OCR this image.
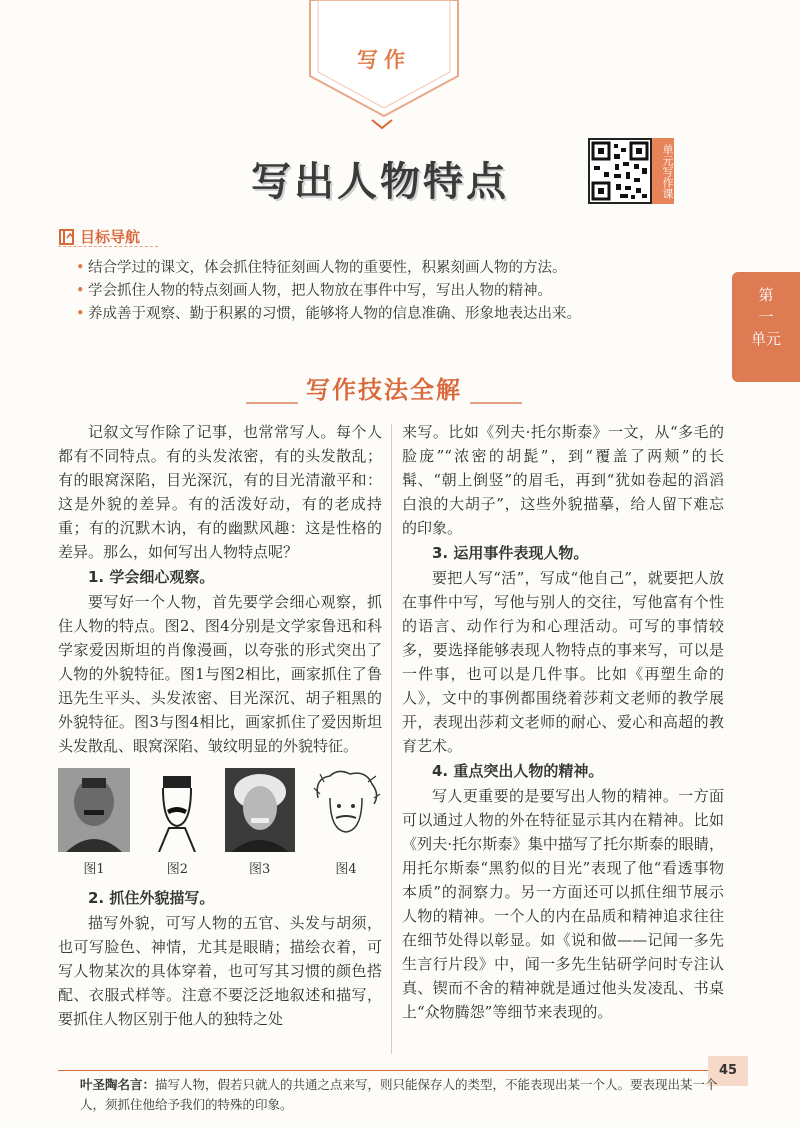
写作
写出人物特点	单元写作课
目标导航
• 结合学过的课文，体会抓住特征刻画人物的重要性，积累刻画人物的方法。
• 学会抓住人物的特点刻画人物，把人物放在事件中写，写出人物的精神。
• 养成善于观察、勤于积累的习惯，能够将人物的信息准确、形象地表达出来。
第
一
单元
写作技法全解

记叙文写作除了记事，也常常写人。每个人都有不同特点。有的头发浓密，有的头发散乱；有的眼窝深陷，目光深沉，有的目光清澈平和：这是外貌的差异。有的活泼好动，有的老成持重；有的沉默木讷，有的幽默风趣：这是性格的差异。那么，如何写出人物特点呢？

1. 学会细心观察。

要写好一个人物，首先要学会细心观察，抓住人物的特点。图2、图4分别是文学家鲁迅和科学家爱因斯坦的肖像漫画，以夸张的形式突出了人物的外貌特征。图1与图2相比，画家抓住了鲁迅先生平头、头发浓密、目光深沉、胡子粗黑的外貌特征。图3与图4相比，画家抓住了爱因斯坦头发散乱、眼窝深陷、皱纹明显的外貌特征。

图1	图2	图3	图4
2. 抓住外貌描写。

描写外貌，可写人物的五官、头发与胡须，也可写脸色、神情，尤其是眼睛；描绘衣着，可写人物某次的具体穿着，也可写其习惯的颜色搭配、衣服式样等。注意不要泛泛地叙述和描写，要抓住人物区别于他人的独特之处

来写。比如《列夫·托尔斯泰》一文，从“多毛的脸庞”“浓密的胡髭”，到“覆盖了两颊”的长髯、“朝上倒竖”的眉毛，再到“犹如卷起的滔滔白浪的大胡子”，这些外貌描摹，给人留下难忘的印象。

3. 运用事件表现人物。

要把人写“活”，写成“他自己”，就要把人放在事件中写，写他与别人的交往，写他富有个性的语言、动作行为和心理活动。可写的事情较多，要选择能够表现人物特点的事来写，可以是一件事，也可以是几件事。比如《再塑生命的人》，文中的事例都围绕着莎莉文老师的教学展开，表现出莎莉文老师的耐心、爱心和高超的教育艺术。

4. 重点突出人物的精神。

写人更重要的是要写出人物的精神。一方面可以通过人物的外在特征显示其内在精神。比如《列夫·托尔斯泰》集中描写了托尔斯泰的眼睛，用托尔斯泰“黑豹似的目光”表现了他“看透事物本质”的洞察力。另一方面还可以抓住细节展示人物的精神。一个人的内在品质和精神追求往往在细节处得以彰显。如《说和做——记闻一多先生言行片段》中，闻一多先生钻研学问时专注认真、锲而不舍的精神就是通过他头发凌乱、书桌上“众物腾怨”等细节来表现的。

45
叶圣陶名言：描写人物，假若只就人的共通之点来写，则只能保存人的类型，不能表现出某一个人。要表现出某一个人，须抓住他给予我们的特殊的印象。
